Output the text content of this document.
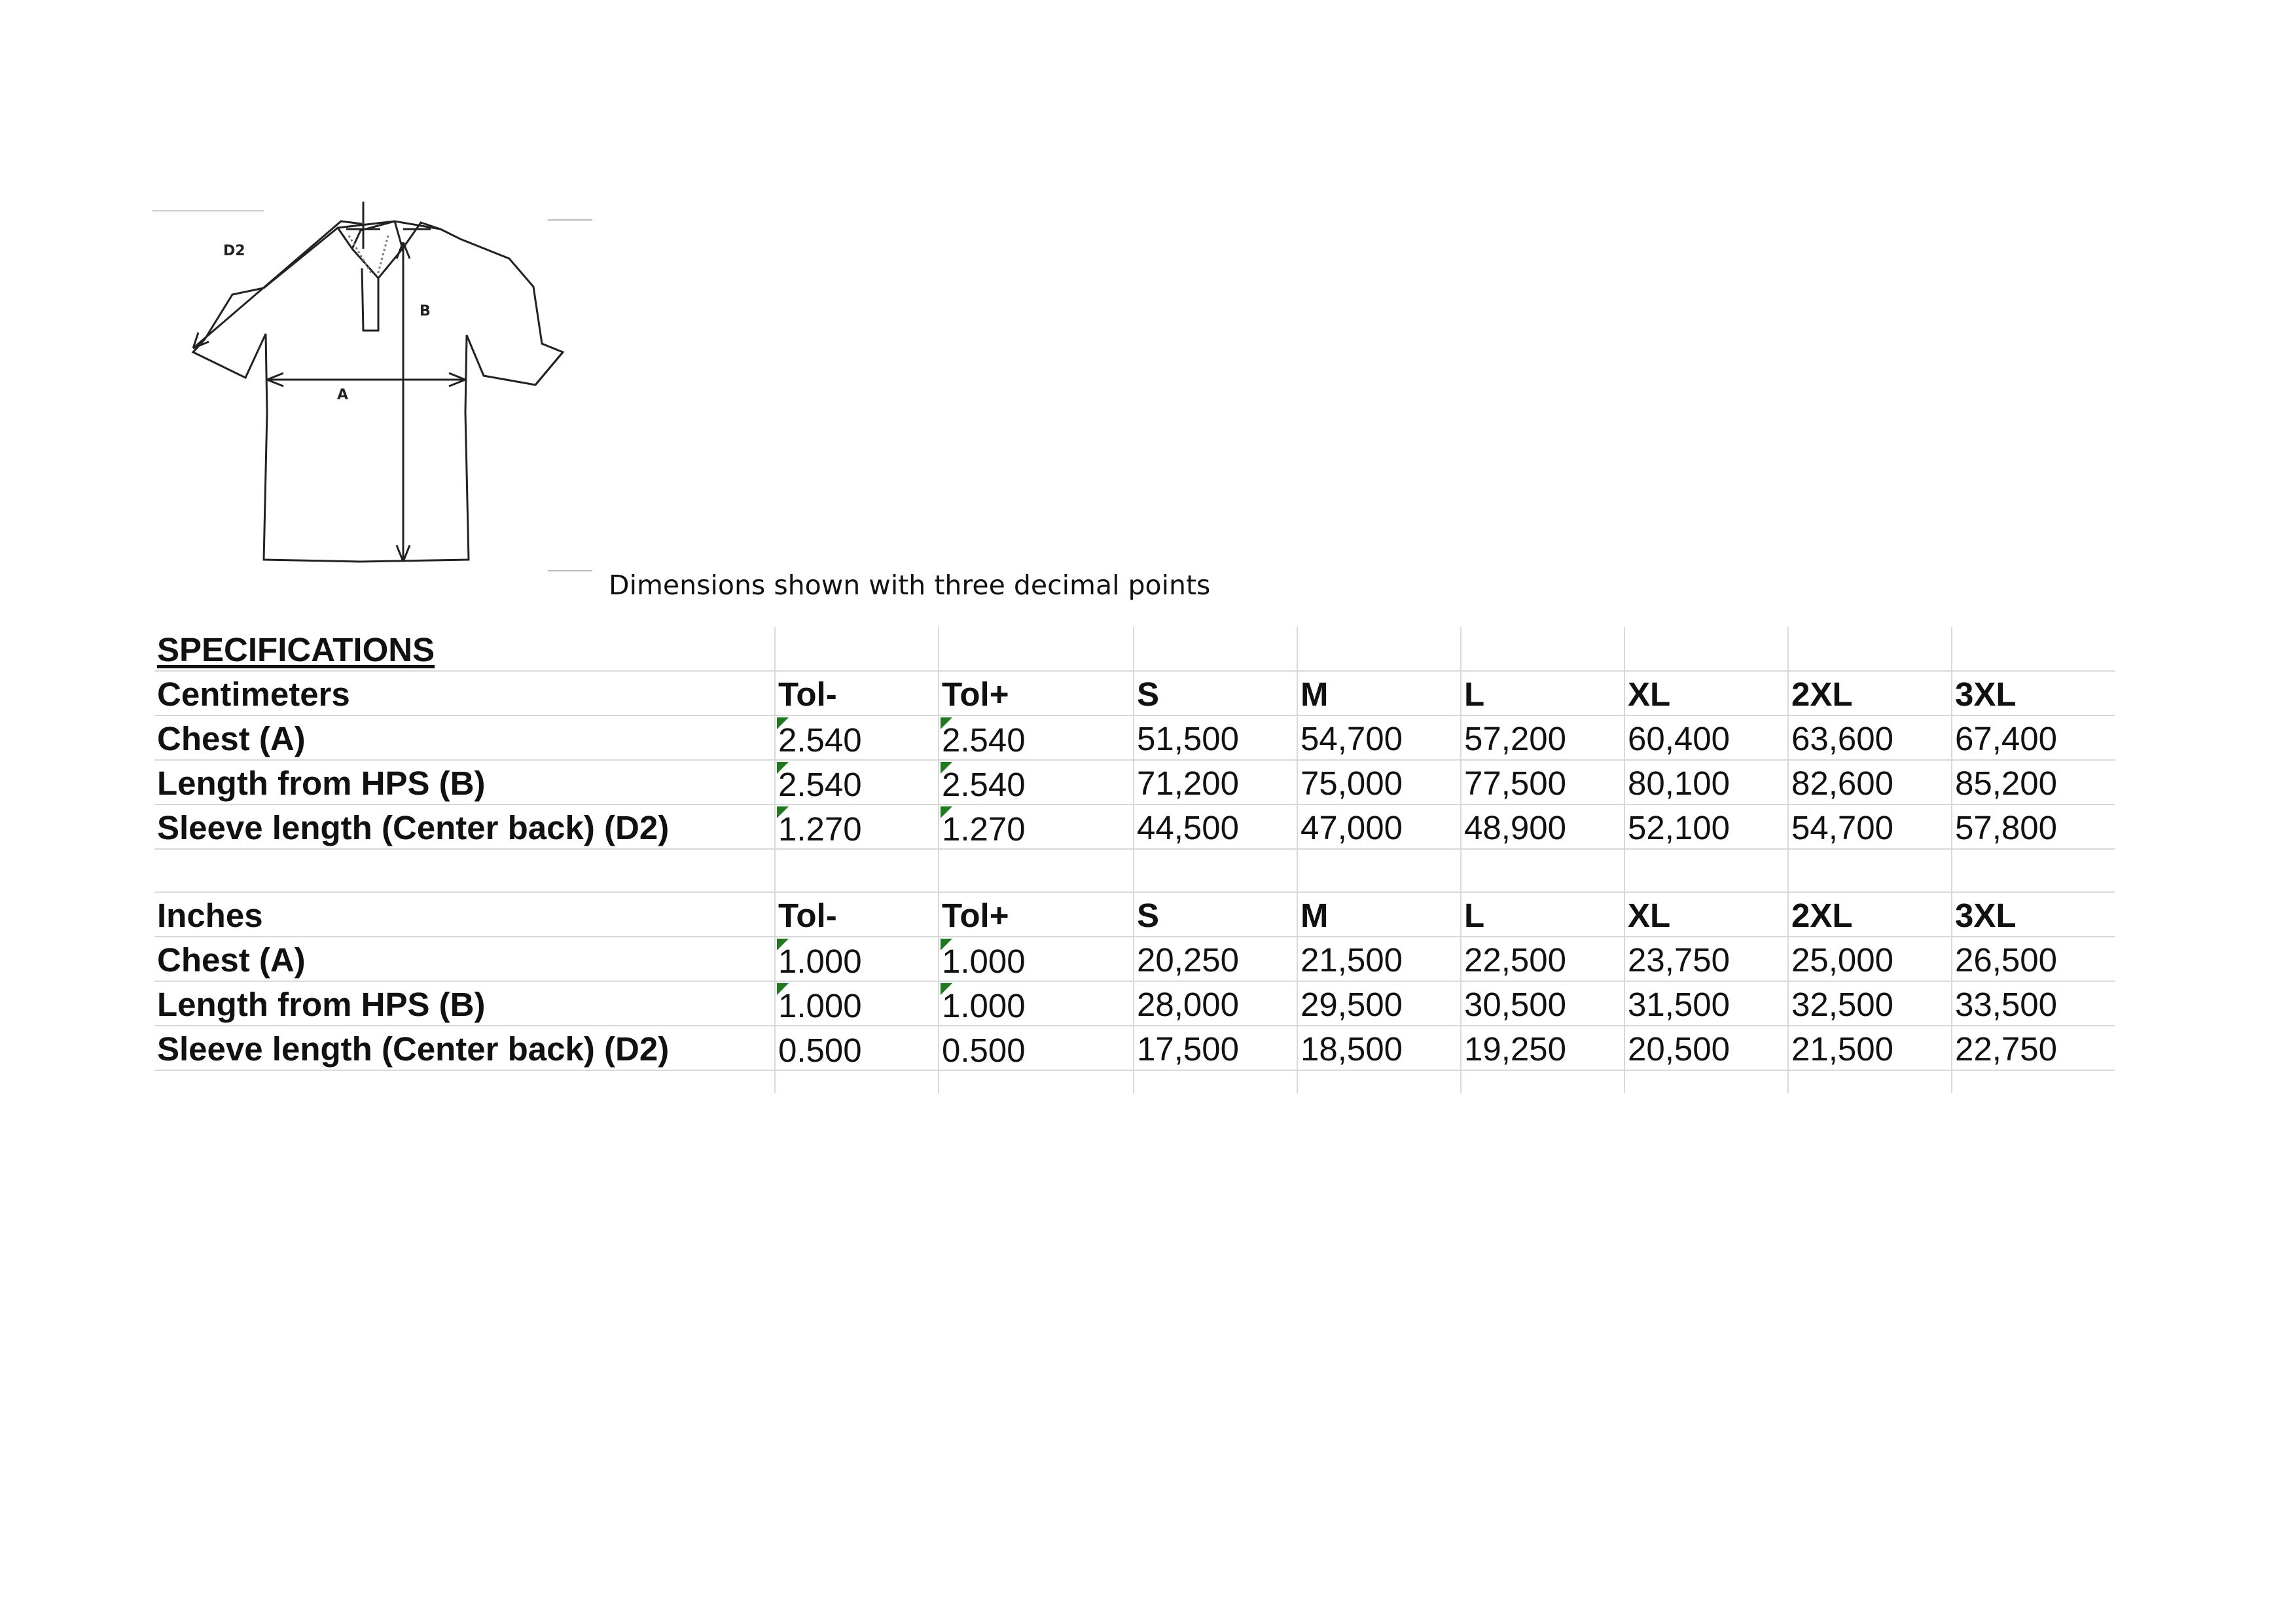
D2
A
B
Dimensions shown with three decimal points
SPECIFICATIONS								
Centimeters	Tol-	Tol+	S	M	L	XL	2XL	3XL
Chest (A)	2.540	2.540	51,500	54,700	57,200	60,400	63,600	67,400
Length from HPS (B)	2.540	2.540	71,200	75,000	77,500	80,100	82,600	85,200
Sleeve length (Center back) (D2)	1.270	1.270	44,500	47,000	48,900	52,100	54,700	57,800

Inches	Tol-	Tol+	S	M	L	XL	2XL	3XL
Chest (A)	1.000	1.000	20,250	21,500	22,500	23,750	25,000	26,500
Length from HPS (B)	1.000	1.000	28,000	29,500	30,500	31,500	32,500	33,500
Sleeve length (Center back) (D2)	0.500	0.500	17,500	18,500	19,250	20,500	21,500	22,750
